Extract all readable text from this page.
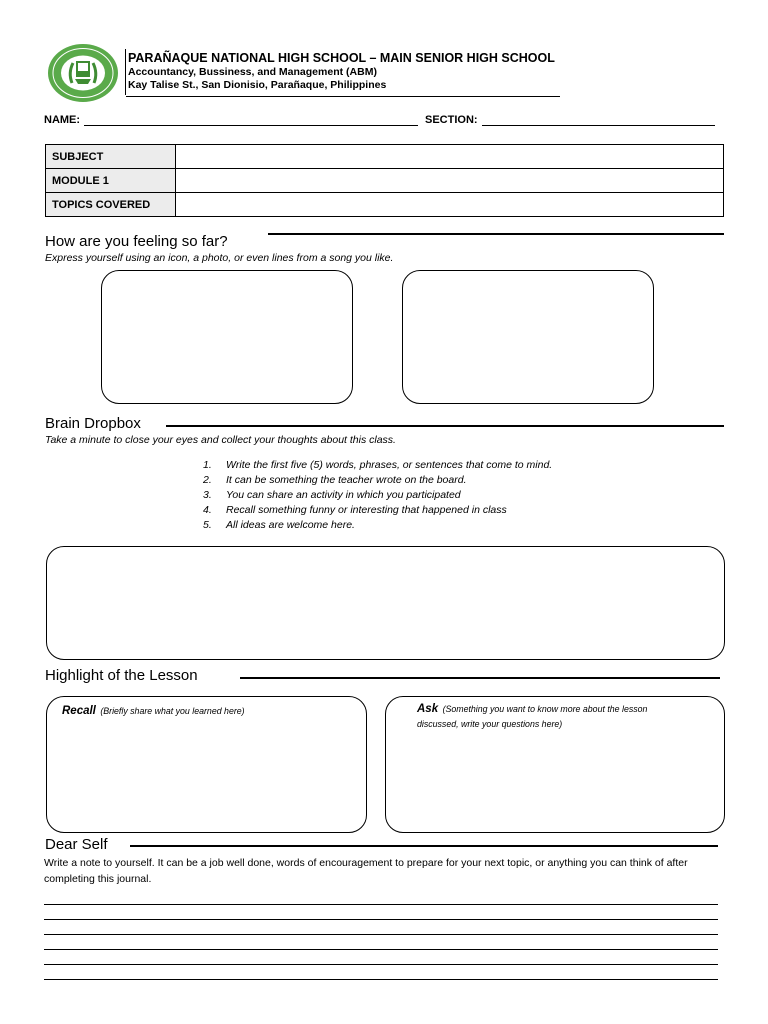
PARAÑAQUE NATIONAL HIGH SCHOOL – MAIN SENIOR HIGH SCHOOL
Accountancy, Bussiness, and Management (ABM)
Kay Talise St., San Dionisio, Parañaque, Philippines
NAME:	SECTION:
SUBJECT	
MODULE 1	
TOPICS COVERED	
How are you feeling so far?
Express yourself using an icon, a photo, or even lines from a song you like.
Brain Dropbox
Take a minute to close your eyes and collect your thoughts about this class.
1. Write the first five (5) words, phrases, or sentences that come to mind.
2. It can be something the teacher wrote on the board.
3. You can share an activity in which you participated
4. Recall something funny or interesting that happened in class
5. All ideas are welcome here.
Highlight of the Lesson
Recall (Briefly share what you learned here)	Ask (Something you want to know more about the lesson discussed, write your questions here)
Dear Self
Write a note to yourself. It can be a job well done, words of encouragement to prepare for your next topic, or anything you can think of after completing this journal.
